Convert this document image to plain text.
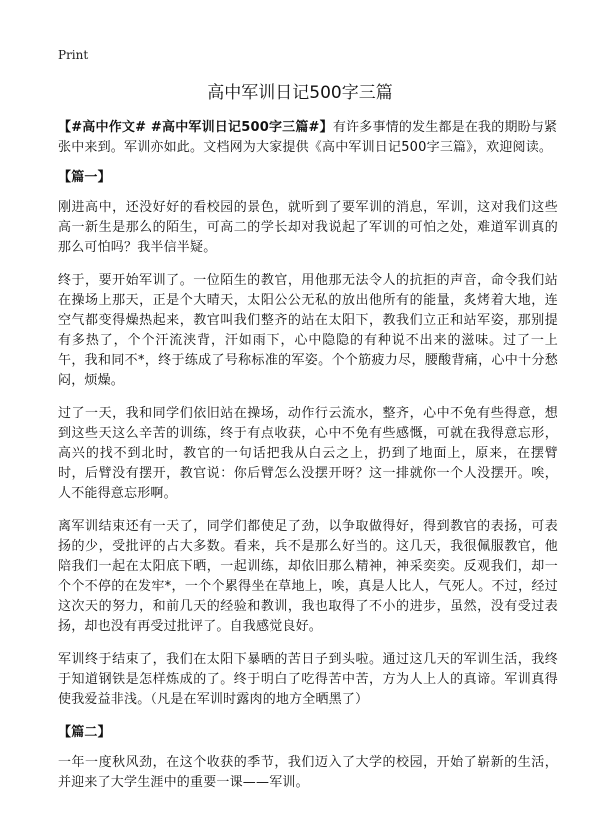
Print
高中军训日记500字三篇

【#高中作文# #高中军训日记500字三篇#】有许多事情的发生都是在我的期盼与紧张中来到。军训亦如此。文档网为大家提供《高中军训日记500字三篇》，欢迎阅读。

【篇一】

刚进高中，还没好好的看校园的景色，就听到了要军训的消息，军训，这对我们这些高一新生是那么的陌生，可高二的学长却对我说起了军训的可怕之处，难道军训真的那么可怕吗？我半信半疑。

终于，要开始军训了。一位陌生的教官，用他那无法令人的抗拒的声音，命令我们站在操场上那天，正是个大晴天，太阳公公无私的放出他所有的能量，炙烤着大地，连空气都变得燥热起来，教官叫我们整齐的站在太阳下，教我们立正和站军姿，那别提有多热了，个个汗流浃背，汗如雨下，心中隐隐的有种说不出来的滋味。过了一上午，我和同不*，终于练成了号称标准的军姿。个个筋疲力尽，腰酸背痛，心中十分愁闷，烦燥。

过了一天，我和同学们依旧站在操场，动作行云流水，整齐，心中不免有些得意，想到这些天这么辛苦的训练，终于有点收获，心中不免有些感慨，可就在我得意忘形，高兴的找不到北时，教官的一句话把我从白云之上，扔到了地面上，原来，在摆臂时，后臂没有摆开，教官说：你后臂怎么没摆开呀？这一排就你一个人没摆开。唉，人不能得意忘形啊。

离军训结束还有一天了，同学们都使足了劲，以争取做得好，得到教官的表扬，可表扬的少，受批评的占大多数。看来，兵不是那么好当的。这几天，我很佩服教官，他陪我们一起在太阳底下晒，一起训练，却依旧那么精神，神采奕奕。反观我们，却一个个不停的在发牢*，一个个累得坐在草地上，唉，真是人比人，气死人。不过，经过这次天的努力，和前几天的经验和教训，我也取得了不小的进步，虽然，没有受过表扬，却也没有再受过批评了。自我感觉良好。

军训终于结束了，我们在太阳下暴晒的苦日子到头啦。通过这几天的军训生活，我终于知道钢铁是怎样炼成的了。终于明白了吃得苦中苦，方为人上人的真谛。军训真得使我爱益非浅。（凡是在军训时露肉的地方全晒黑了）

【篇二】

一年一度秋风劲，在这个收获的季节，我们迈入了大学的校园，开始了崭新的生活，并迎来了大学生涯中的重要一课——军训。
